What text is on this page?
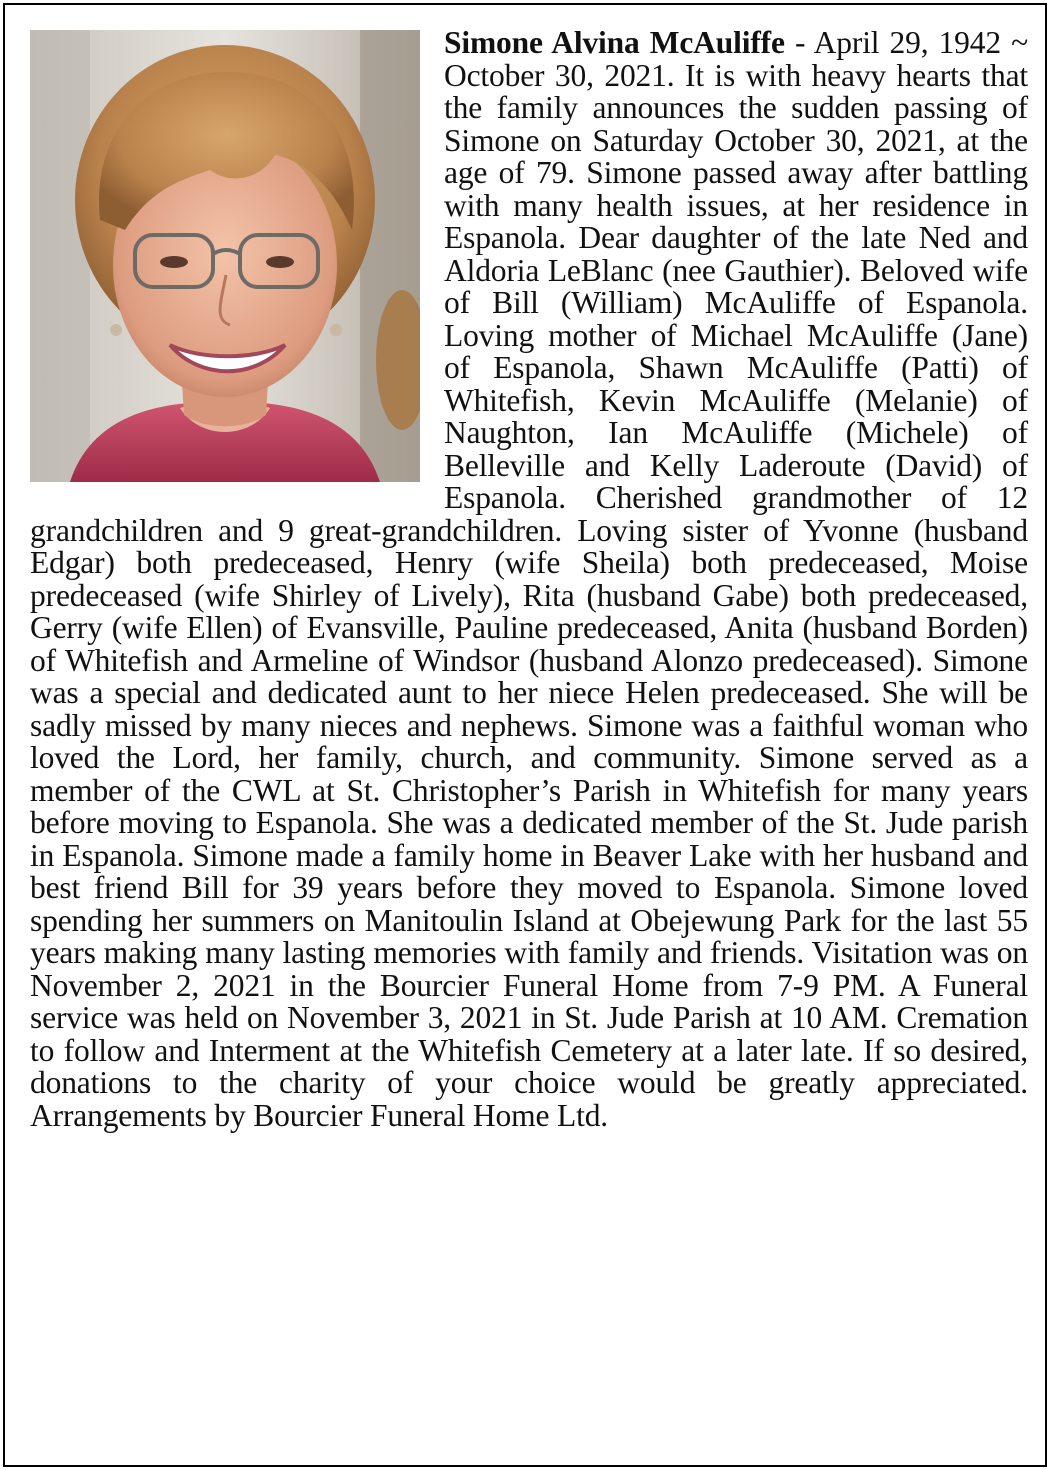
Simone Alvina McAuliffe - April 29, 1942 ~ October 30, 2021. It is with heavy hearts that the family announces the sudden passing of Simone on Saturday October 30, 2021, at the age of 79. Simone passed away after battling with many health issues, at her residence in Espanola. Dear daughter of the late Ned and Aldoria LeBlanc (nee Gauthier). Beloved wife of Bill (William) McAuliffe of Espanola. Loving mother of Michael McAuliffe (Jane) of Espanola, Shawn McAuliffe (Patti) of Whitefish, Kevin McAuliffe (Melanie) of Naughton, Ian McAuliffe (Michele) of Belleville and Kelly Laderoute (David) of Espanola. Cherished grandmother of 12 grandchildren and 9 great-grandchildren. Loving sister of Yvonne (husband Edgar) both predeceased, Henry (wife Sheila) both predeceased, Moise predeceased (wife Shirley of Lively), Rita (husband Gabe) both predeceased, Gerry (wife Ellen) of Evansville, Pauline predeceased, Anita (husband Borden) of Whitefish and Armeline of Windsor (husband Alonzo predeceased). Simone was a special and dedicated aunt to her niece Helen predeceased. She will be sadly missed by many nieces and nephews. Simone was a faithful woman who loved the Lord, her family, church, and community. Simone served as a member of the CWL at St. Christopher’s Parish in Whitefish for many years before moving to Espanola. She was a dedicated member of the St. Jude parish in Espanola. Simone made a family home in Beaver Lake with her husband and best friend Bill for 39 years before they moved to Espanola. Simone loved spending her summers on Manitoulin Island at Obejewung Park for the last 55 years making many lasting memories with family and friends. Visitation was on November 2, 2021 in the Bourcier Funeral Home from 7-9 PM. A Funeral service was held on November 3, 2021 in St. Jude Parish at 10 AM. Cremation to follow and Interment at the Whitefish Cemetery at a later late. If so desired, donations to the charity of your choice would be greatly appreciated. Arrangements by Bourcier Funeral Home Ltd.
